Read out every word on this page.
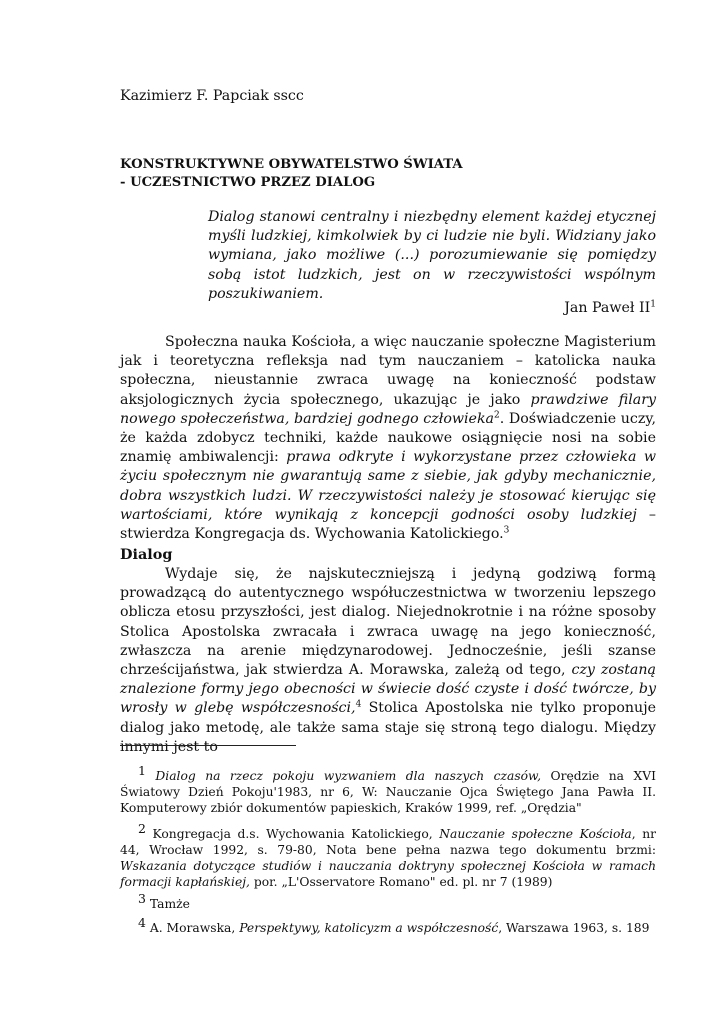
Kazimierz F. Papciak sscc
KONSTRUKTYWNE OBYWATELSTWO ŚWIATA
- UCZESTNICTWO PRZEZ DIALOG
Dialog stanowi centralny i niezbędny element każdej etycznej myśli ludzkiej, kimkolwiek by ci ludzie nie byli. Widziany jako wymiana, jako możliwe (...) porozumiewanie się pomiędzy sobą istot ludzkich, jest on w rzeczywistości wspólnym poszukiwaniem.
Jan Paweł $II^1$
Społeczna nauka Kościoła, a więc nauczanie społeczne Magisterium jak i teoretyczna refleksja nad tym nauczaniem – katolicka nauka społeczna, nieustannie zwraca uwagę na konieczność podstaw aksjologicznych życia społecznego, ukazując je jako prawdziwe filary nowego społeczeństwa, bardziej godnego człowieka$^2$. Doświadczenie uczy, że każda zdobycz techniki, każde naukowe osiągnięcie nosi na sobie znamię ambiwalencji: prawa odkryte i wykorzystane przez człowieka w życiu społecznym nie gwarantują same z siebie, jak gdyby mechanicznie, dobra wszystkich ludzi. W rzeczywistości należy je stosować kierując się wartościami, które wynikają z koncepcji godności osoby ludzkiej – stwierdza Kongregacja ds. Wychowania Katolickiego.$^3$
Dialog
Wydaje się, że najskuteczniejszą i jedyną godziwą formą prowadzącą do autentycznego współuczestnictwa w tworzeniu lepszego oblicza etosu przyszłości, jest dialog. Niejednokrotnie i na różne sposoby Stolica Apostolska zwracała i zwraca uwagę na jego konieczność, zwłaszcza na arenie międzynarodowej. Jednocześnie, jeśli szanse chrześcijaństwa, jak stwierdza A. Morawska, zależą od tego, czy zostaną znalezione formy jego obecności w świecie dość czyste i dość twórcze, by wrosły w glebę współczesności,$^4$ Stolica Apostolska nie tylko proponuje dialog jako metodę, ale także sama staje się stroną tego dialogu. Między innymi jest to
$^1$ Dialog na rzecz pokoju wyzwaniem dla naszych czasów, Orędzie na XVI Światowy Dzień Pokoju'1983, nr 6, W: Nauczanie Ojca Świętego Jana Pawła II. Komputerowy zbiór dokumentów papieskich, Kraków 1999, ref. „Orędzia"
$^2$ Kongregacja d.s. Wychowania Katolickiego, Nauczanie społeczne Kościoła, nr 44, Wrocław 1992, s. 79-80, Nota bene pełna nazwa tego dokumentu brzmi: Wskazania dotyczące studiów i nauczania doktryny społecznej Kościoła w ramach formacji kapłańskiej, por. „L'Osservatore Romano" ed. pl. nr 7 (1989)
$^3$ Tamże
$^4$ A. Morawska, Perspektywy, katolicyzm a współczesność, Warszawa 1963, s. 189
